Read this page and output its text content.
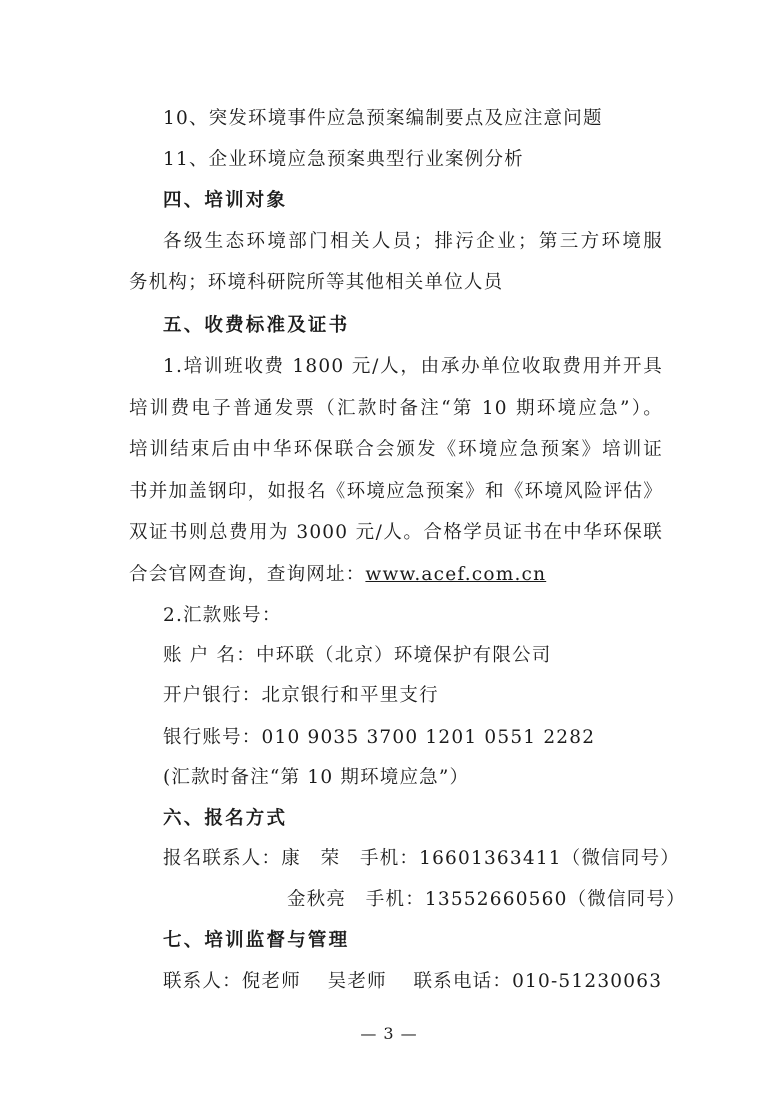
10、突发环境事件应急预案编制要点及应注意问题
11、企业环境应急预案典型行业案例分析
四、培训对象
各级生态环境部门相关人员；排污企业；第三方环境服
务机构；环境科研院所等其他相关单位人员
五、收费标准及证书
1.培训班收费 1800 元/人，由承办单位收取费用并开具
培训费电子普通发票（汇款时备注“第 10 期环境应急”）。
培训结束后由中华环保联合会颁发《环境应急预案》培训证
书并加盖钢印，如报名《环境应急预案》和《环境风险评估》
双证书则总费用为 3000 元/人。合格学员证书在中华环保联
合会官网查询，查询网址：www.acef.com.cn
2.汇款账号：
账 户 名：中环联（北京）环境保护有限公司
开户银行：北京银行和平里支行
银行账号：010 9035 3700 1201 0551 2282
(汇款时备注“第 10 期环境应急”）
六、报名方式
报名联系人：康　荣　手机：16601363411（微信同号）
金秋亮　手机：13552660560（微信同号）
七、培训监督与管理
联系人：倪老师　 吴老师　 联系电话：010-51230063
— 3 —
